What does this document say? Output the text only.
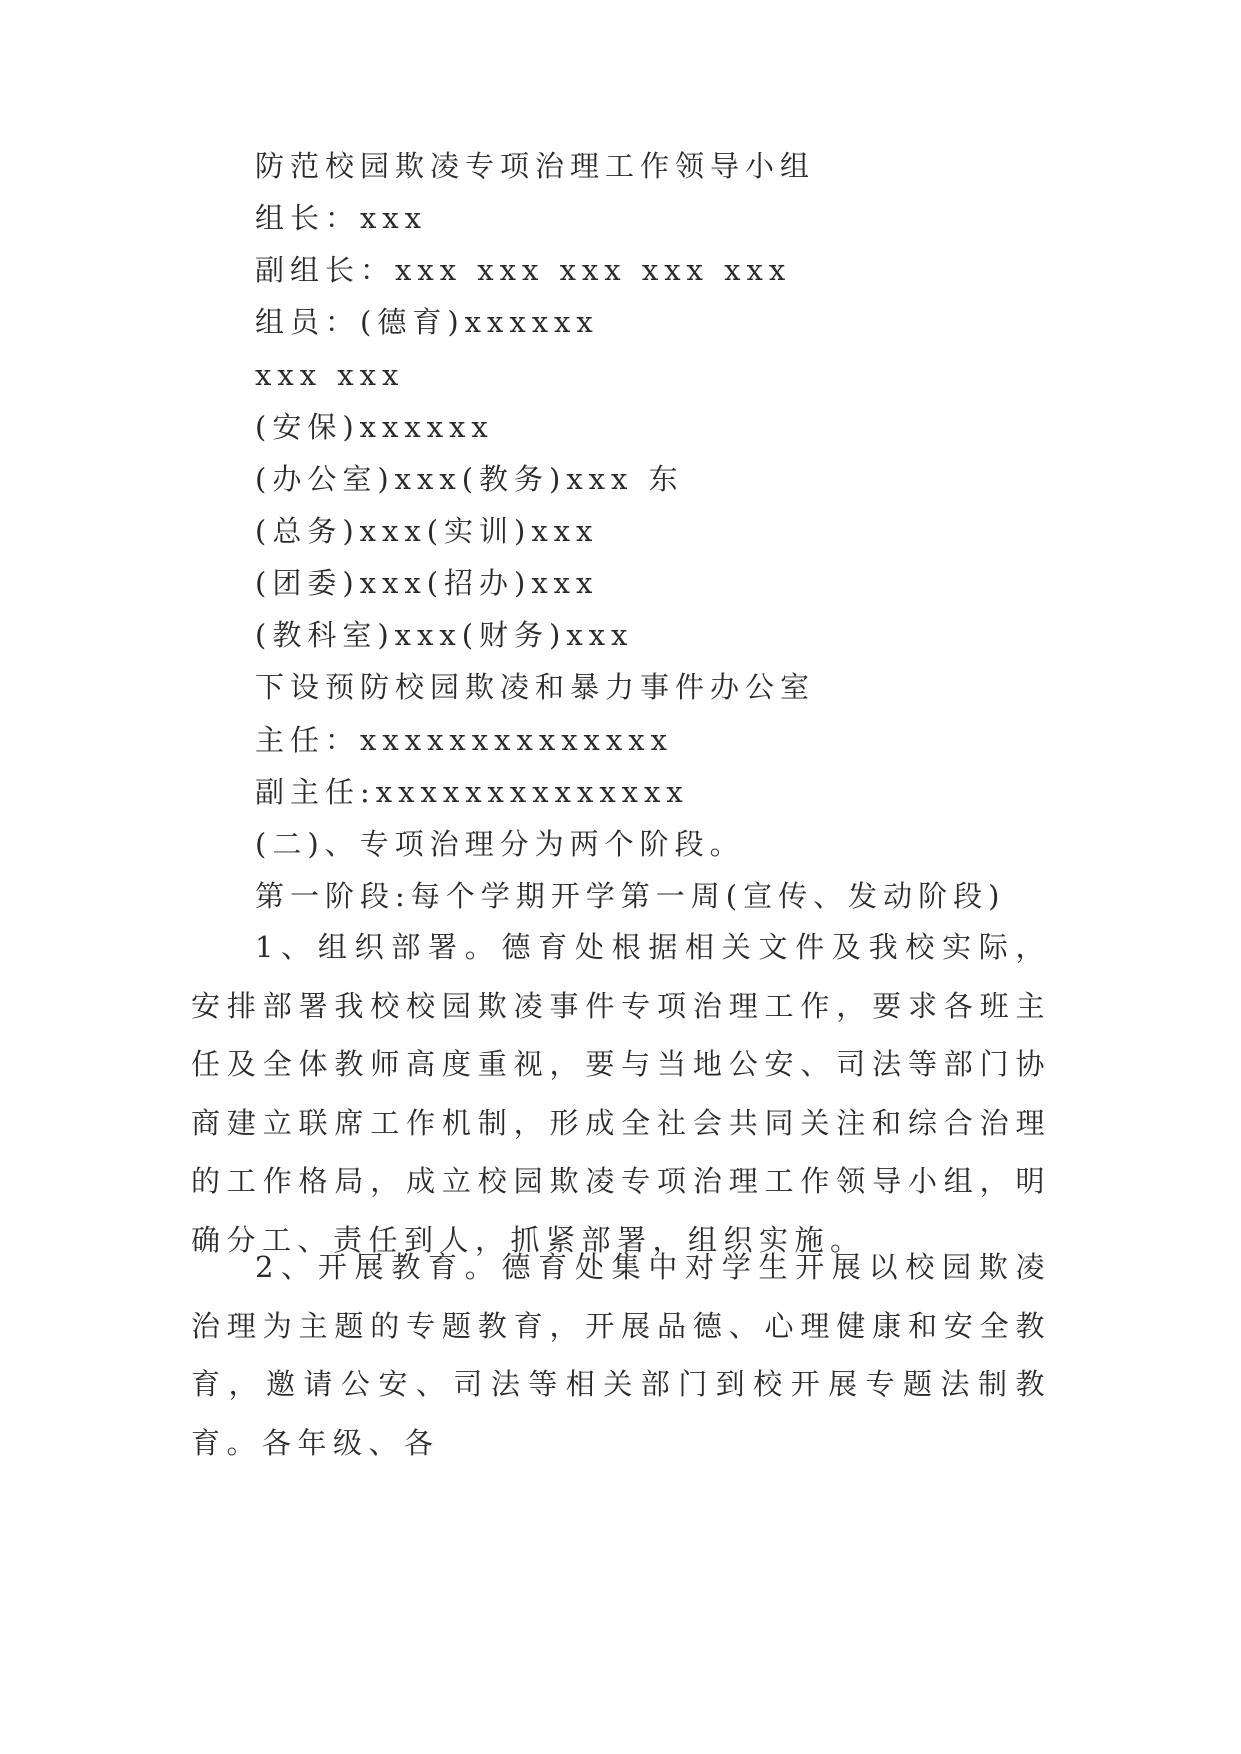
防范校园欺凌专项治理工作领导小组
组长：xxx
副组长：xxx xxx xxx xxx xxx
组员：(德育)xxxxxx
xxx xxx
(安保)xxxxxx
(办公室)xxx(教务)xxx 东
(总务)xxx(实训)xxx
(团委)xxx(招办)xxx
(教科室)xxx(财务)xxx
下设预防校园欺凌和暴力事件办公室
主任：xxxxxxxxxxxxxx
副主任:xxxxxxxxxxxxxx
(二)、专项治理分为两个阶段。
第一阶段:每个学期开学第一周(宣传、发动阶段)
1、组织部署。德育处根据相关文件及我校实际，安排部署我校校园欺凌事件专项治理工作，要求各班主任及全体教师高度重视，要与当地公安、司法等部门协商建立联席工作机制，形成全社会共同关注和综合治理的工作格局，成立校园欺凌专项治理工作领导小组，明确分工、责任到人，抓紧部署，组织实施。
2、开展教育。德育处集中对学生开展以校园欺凌治理为主题的专题教育，开展品德、心理健康和安全教育，邀请公安、司法等相关部门到校开展专题法制教育。各年级、各
